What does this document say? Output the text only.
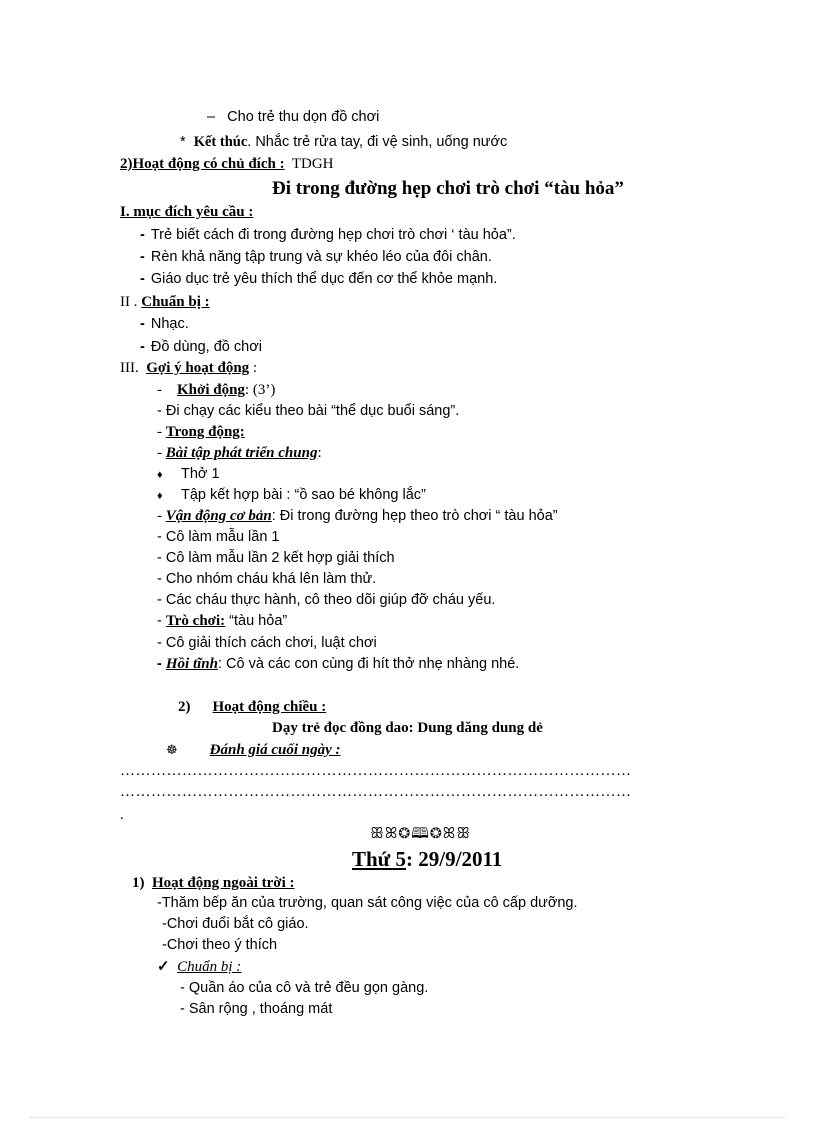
–   Cho trẻ thu dọn đồ chơi
* Kết thúc. Nhắc trẻ rửa tay, đi vệ sinh, uống nước
2)Hoạt động có chủ đích : TDGH
Đi trong đường hẹp chơi trò chơi “tàu hỏa”
I. mục đích yêu cầu :
- Trẻ biết cách đi trong đường hẹp chơi trò chơi ‘ tàu hỏa”.
- Rèn khả năng tập trung và sự khéo léo của đôi chân.
- Giáo dục trẻ yêu thích thể dục đến cơ thể khỏe mạnh.
II . Chuẩn bị :
- Nhạc.
- Đồ dùng, đồ chơi
III. Gợi ý hoạt động :
-    Khởi động: (3’)
- Đi chạy các kiểu theo bài “thể dục buổi sáng”.
- Trong động:
- Bài tập phát triển chung:
♦ Thở 1
♦ Tập kết hợp bài : “ồ sao bé không lắc”
- Vận động cơ bản: Đi trong đường hẹp theo trò chơi “ tàu hỏa”
- Cô làm mẫu lần 1
- Cô làm mẫu lần 2 kết hợp giải thích
- Cho nhóm cháu khá lên làm thử.
- Các cháu thực hành, cô theo dõi giúp đỡ cháu yếu.
- Trò chơi: “tàu hỏa”
- Cô giải thích cách chơi, luật chơi
- Hồi tĩnh: Cô và các con cùng đi hít thở nhẹ nhàng nhé.
2) Hoạt động chiều :
Dạy trẻ đọc đồng dao: Dung dăng dung dẻ
☸ Đánh giá cuối ngày :
………………………………………………………………………………………
………………………………………………………………………………………
.
ꕥꕤ❂🕮❂ꕤꕥ
Thứ 5: 29/9/2011
1) Hoạt động ngoài trời :
-Thăm bếp ăn của trường, quan sát công việc của cô cấp dưỡng.
-Chơi đuổi bắt cô giáo.
-Chơi theo ý thích
✓ Chuẩn bị :
- Quần áo của cô và trẻ đều gọn gàng.
- Sân rộng , thoáng mát
